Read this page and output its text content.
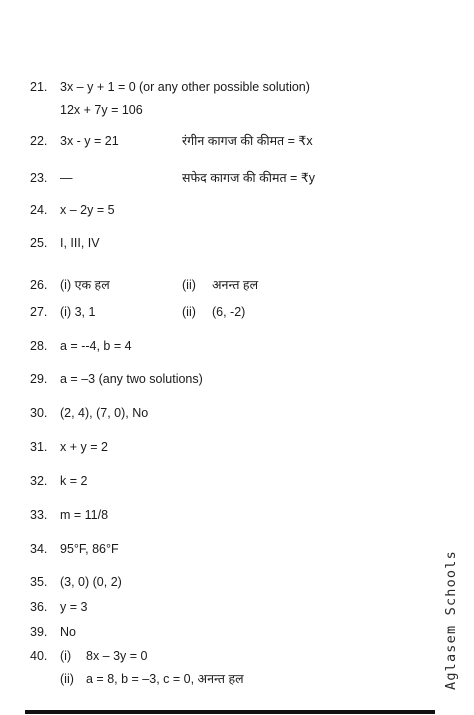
21. 3x – y + 1 = 0 (or any other possible solution)
12x + 7y = 106
22. 3x - y = 21	रंगीन कागज की कीमत = ₹x
23. —	सफेद कागज की कीमत = ₹y
24. x – 2y = 5
25. I, III, IV
26. (i) एक हल	(ii) अनन्त हल
27. (i) 3, 1	(ii) (6, -2)
28. a = --4, b = 4
29. a = –3 (any two solutions)
30. (2, 4), (7, 0), No
31. x + y = 2
32. k = 2
33. m = 11/8
34. 95°F, 86°F
35. (3, 0) (0, 2)
36. y = 3
39. No
40. (i) 8x – 3y = 0
(ii) a = 8, b = –3, c = 0, अनन्त हल	Aglasem Schools
